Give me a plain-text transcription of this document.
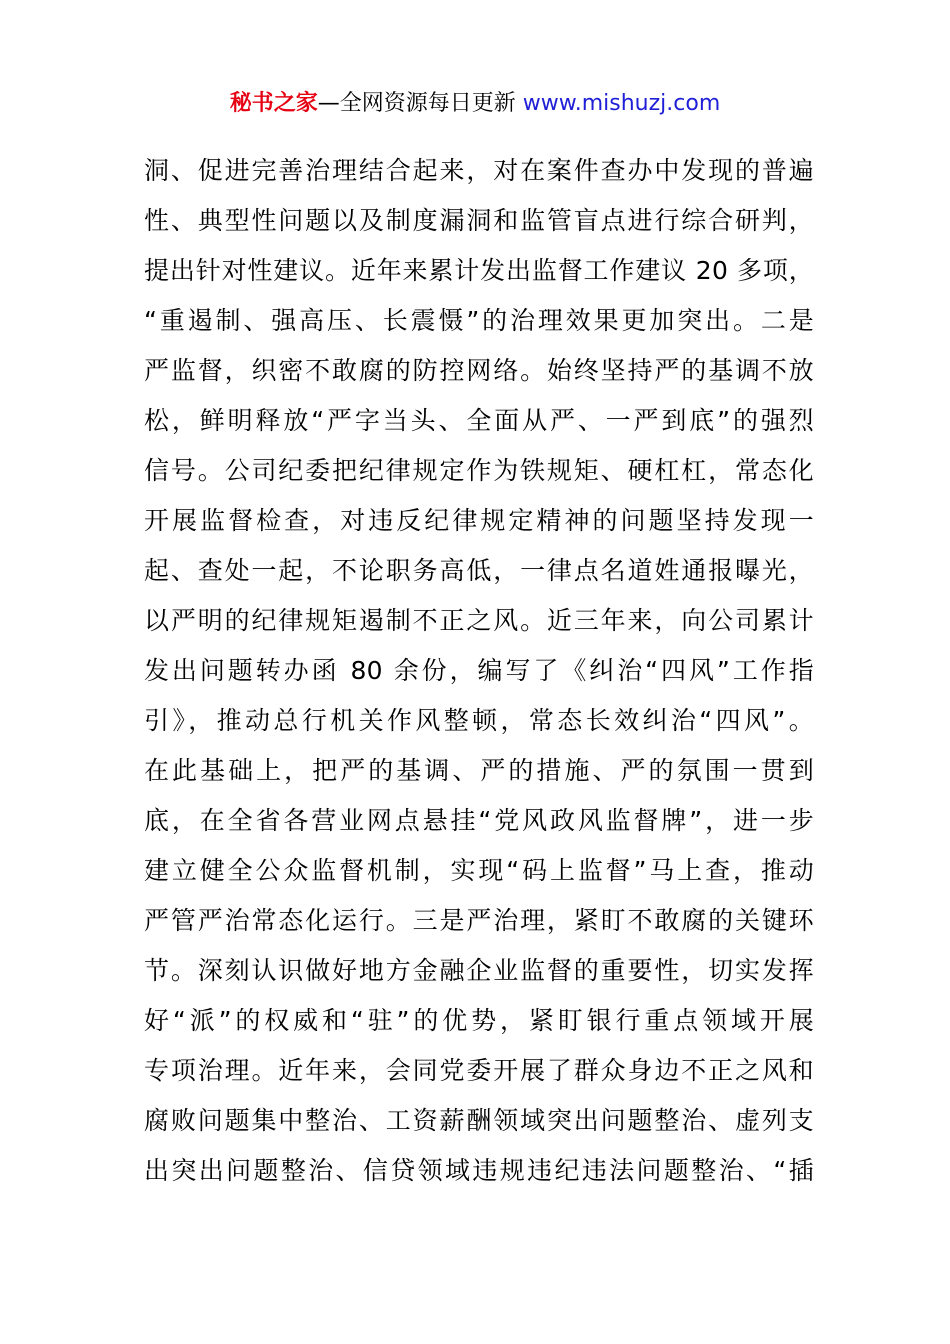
秘书之家—全网资源每日更新 www.mishuzj.com
洞、促进完善治理结合起来，对在案件查办中发现的普遍
性、典型性问题以及制度漏洞和监管盲点进行综合研判，
提出针对性建议。近年来累计发出监督工作建议 20 多项，
“重遏制、强高压、长震慑”的治理效果更加突出。二是
严监督，织密不敢腐的防控网络。始终坚持严的基调不放
松，鲜明释放“严字当头、全面从严、一严到底”的强烈
信号。公司纪委把纪律规定作为铁规矩、硬杠杠，常态化
开展监督检查，对违反纪律规定精神的问题坚持发现一
起、查处一起，不论职务高低，一律点名道姓通报曝光，
以严明的纪律规矩遏制不正之风。近三年来，向公司累计
发出问题转办函 80 余份，编写了《纠治“四风”工作指
引》，推动总行机关作风整顿，常态长效纠治“四风”。
在此基础上，把严的基调、严的措施、严的氛围一贯到
底，在全省各营业网点悬挂“党风政风监督牌”，进一步
建立健全公众监督机制，实现“码上监督”马上查，推动
严管严治常态化运行。三是严治理，紧盯不敢腐的关键环
节。深刻认识做好地方金融企业监督的重要性，切实发挥
好“派”的权威和“驻”的优势，紧盯银行重点领域开展
专项治理。近年来，会同党委开展了群众身边不正之风和
腐败问题集中整治、工资薪酬领域突出问题整治、虚列支
出突出问题整治、信贷领域违规违纪违法问题整治、“插
